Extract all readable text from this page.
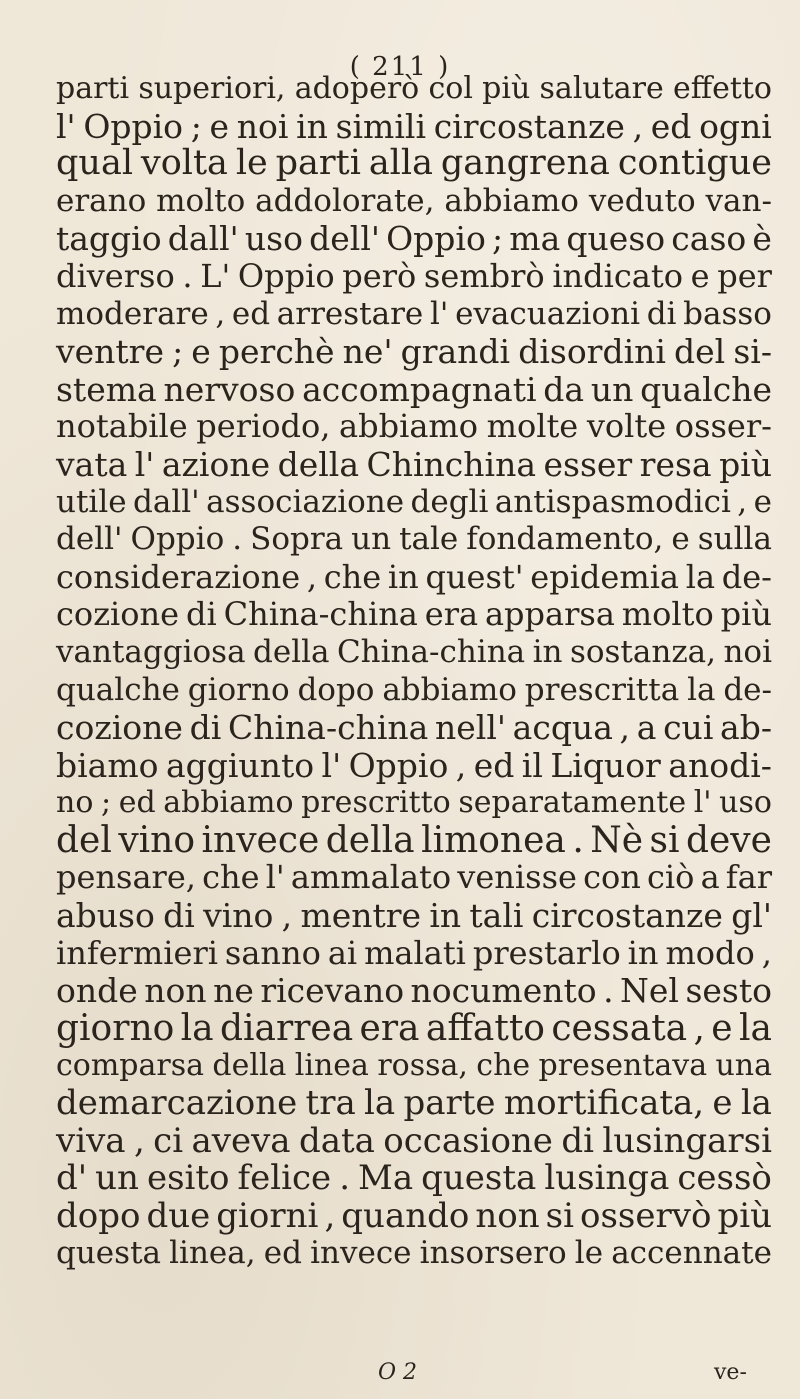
( 211 )
parti superiori, adoperò col più salutare effetto
l' Oppio ; e noi in simili circostanze , ed ogni
qual volta le parti alla gangrena contigue
erano molto addolorate, abbiamo veduto van-
taggio dall' uso dell' Oppio ; ma queso caso è
diverso . L' Oppio però sembrò indicato e per
moderare , ed arrestare l' evacuazioni di basso
ventre ; e perchè ne' grandi disordini del si-
stema nervoso accompagnati da un qualche
notabile periodo, abbiamo molte volte osser-
vata l' azione della Chinchina esser resa più
utile dall' associazione degli antispasmodici , e
dell' Oppio . Sopra un tale fondamento, e sulla
considerazione , che in quest' epidemia la de-
cozione di China-china era apparsa molto più
vantaggiosa della China-china in sostanza, noi
qualche giorno dopo abbiamo prescritta la de-
cozione di China-china nell' acqua , a cui ab-
biamo aggiunto l' Oppio , ed il Liquor anodi-
no ; ed abbiamo prescritto separatamente l' uso
del vino invece della limonea . Nè si deve
pensare, che l' ammalato venisse con ciò a far
abuso di vino , mentre in tali circostanze gl'
infermieri sanno ai malati prestarlo in modo ,
onde non ne ricevano nocumento . Nel sesto
giorno la diarrea era affatto cessata , e la
comparsa della linea rossa, che presentava una
demarcazione tra la parte mortificata, e la
viva , ci aveva data occasione di lusingarsi
d' un esito felice . Ma questa lusinga cessò
dopo due giorni , quando non si osservò più
questa linea, ed invece insorsero le accennate
O 2	ve-
